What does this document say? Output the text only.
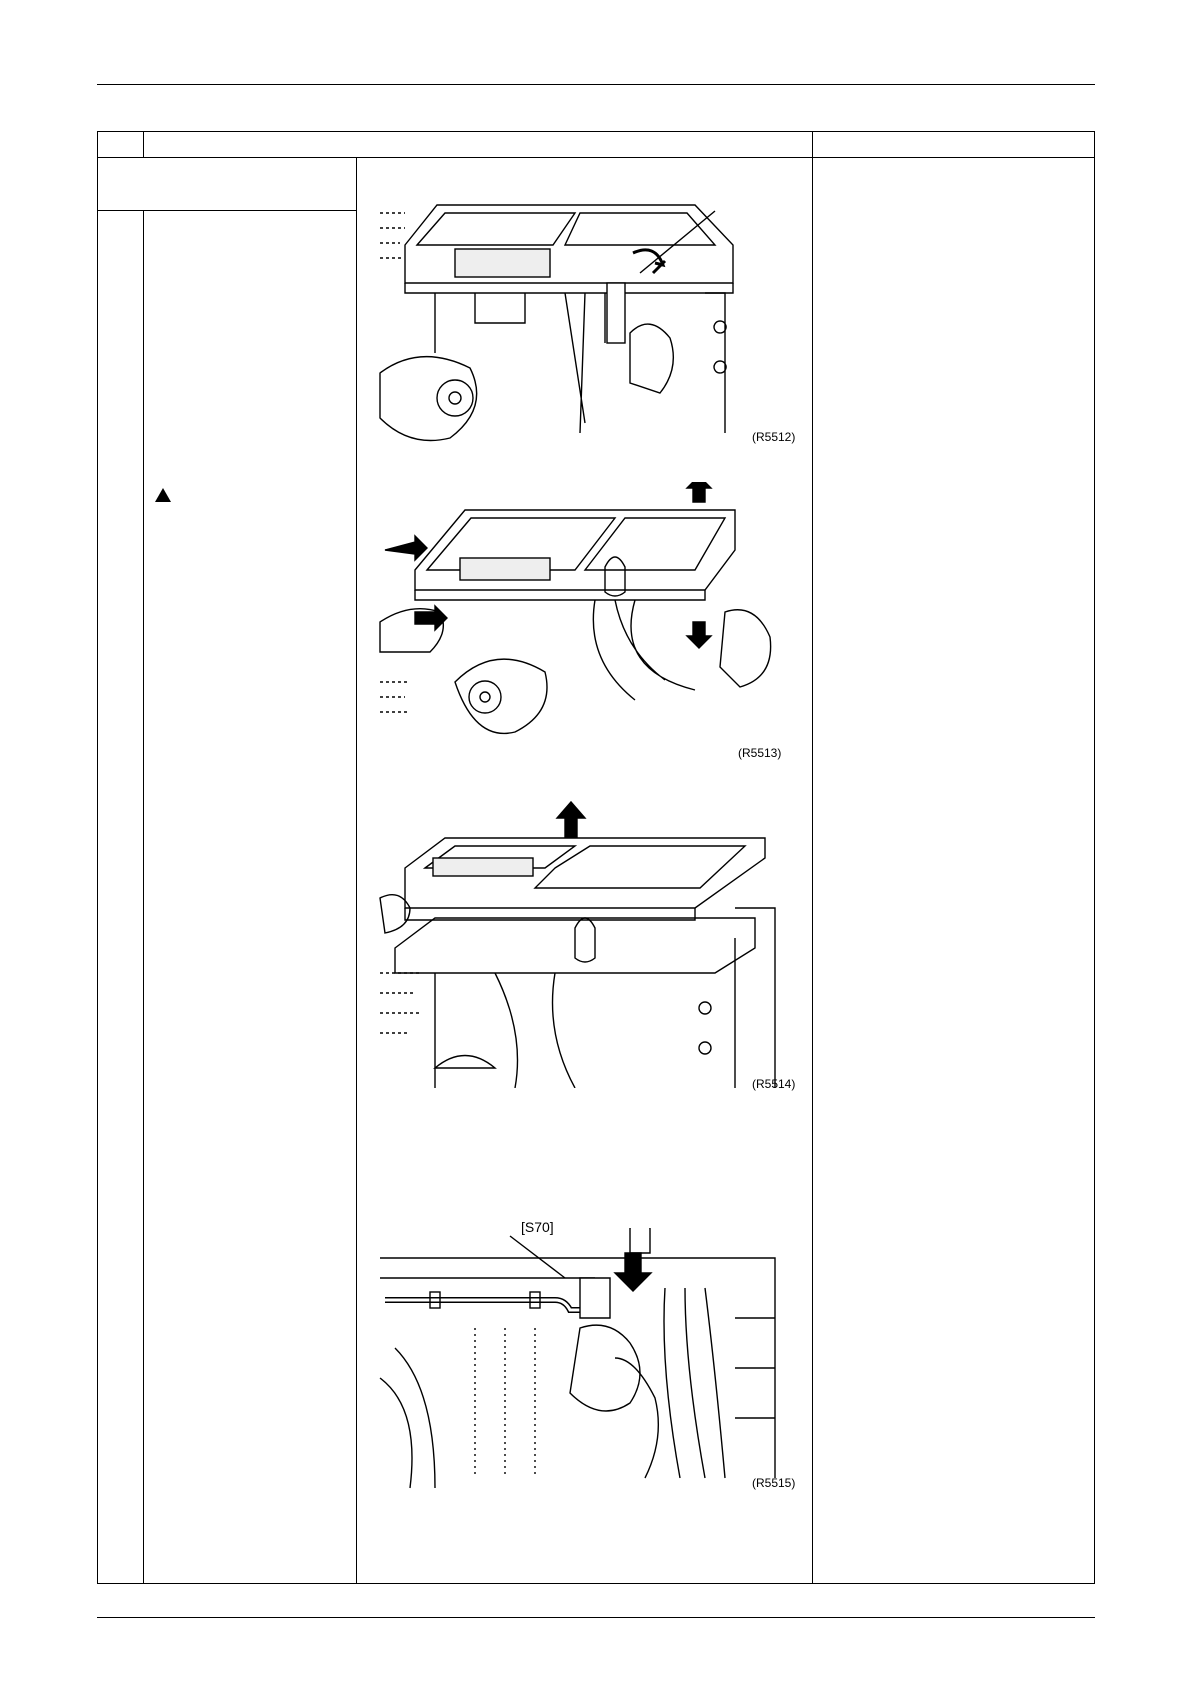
(R5512)
(R5513)
(R5514)
[S70]
(R5515)
